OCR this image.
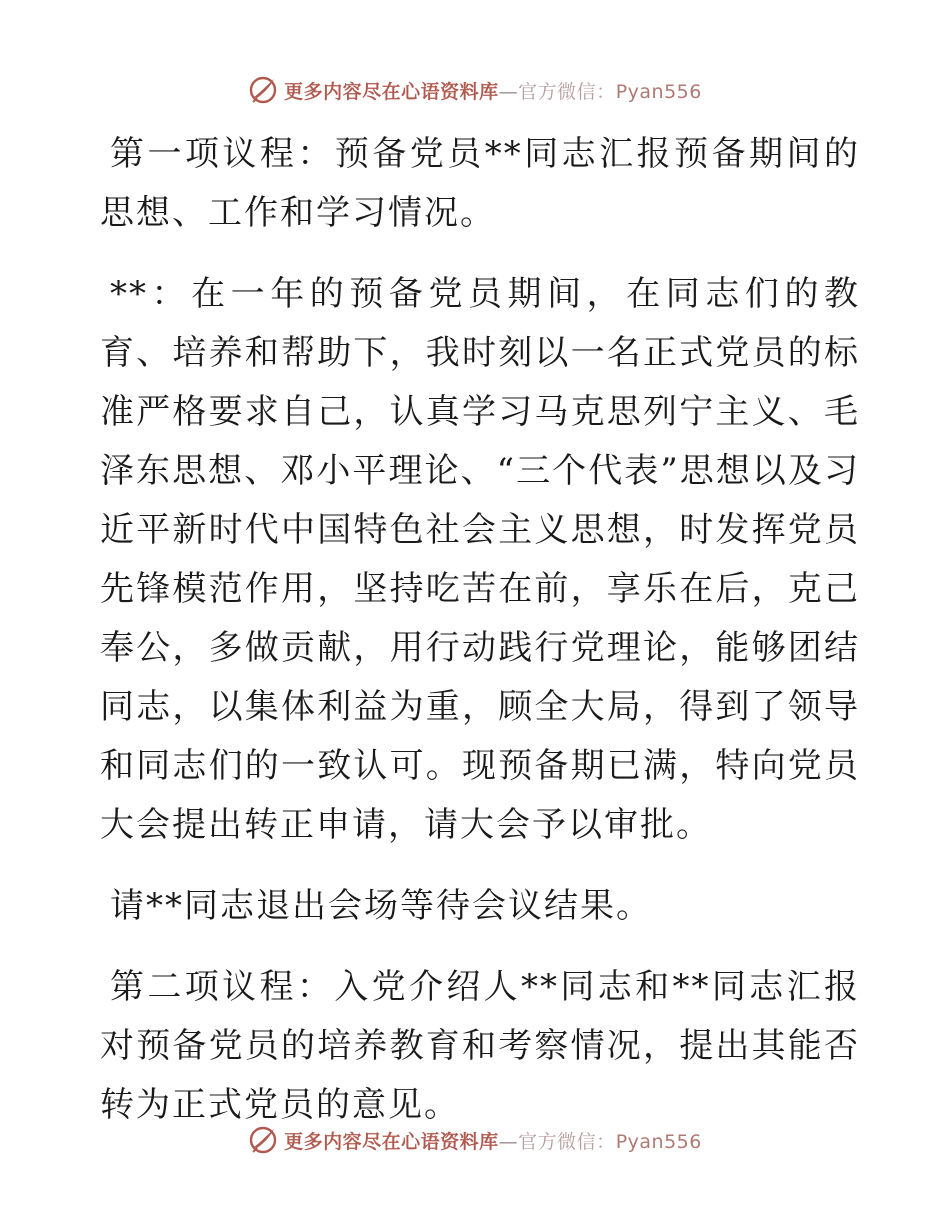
更多内容尽在心语资料库—官方微信：Pyan556

第一项议程：预备党员**同志汇报预备期间的思想、工作和学习情况。

**：在一年的预备党员期间，在同志们的教育、培养和帮助下，我时刻以一名正式党员的标准严格要求自己，认真学习马克思列宁主义、毛泽东思想、邓小平理论、“三个代表”思想以及习近平新时代中国特色社会主义思想，时发挥党员先锋模范作用，坚持吃苦在前，享乐在后，克己奉公，多做贡献，用行动践行党理论，能够团结同志，以集体利益为重，顾全大局，得到了领导和同志们的一致认可。现预备期已满，特向党员大会提出转正申请，请大会予以审批。

请**同志退出会场等待会议结果。

第二项议程：入党介绍人**同志和**同志汇报对预备党员的培养教育和考察情况，提出其能否转为正式党员的意见。

更多内容尽在心语资料库—官方微信：Pyan556
